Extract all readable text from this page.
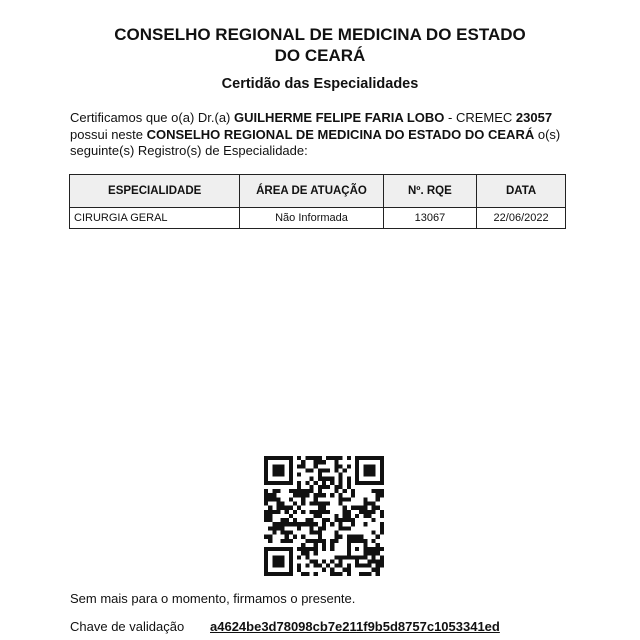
CONSELHO REGIONAL DE MEDICINA DO ESTADO
DO CEARÁ
Certidão das Especialidades
Certificamos que o(a) Dr.(a) GUILHERME FELIPE FARIA LOBO - CREMEC 23057 possui neste CONSELHO REGIONAL DE MEDICINA DO ESTADO DO CEARÁ o(s) seguinte(s) Registro(s) de Especialidade:
ESPECIALIDADE	ÁREA DE ATUAÇÃO	Nº. RQE	DATA
CIRURGIA GERAL	Não Informada	13067	22/06/2022
Sem mais para o momento, firmamos o presente.
Chave de validação a4624be3d78098cb7e211f9b5d8757c1053341ed
